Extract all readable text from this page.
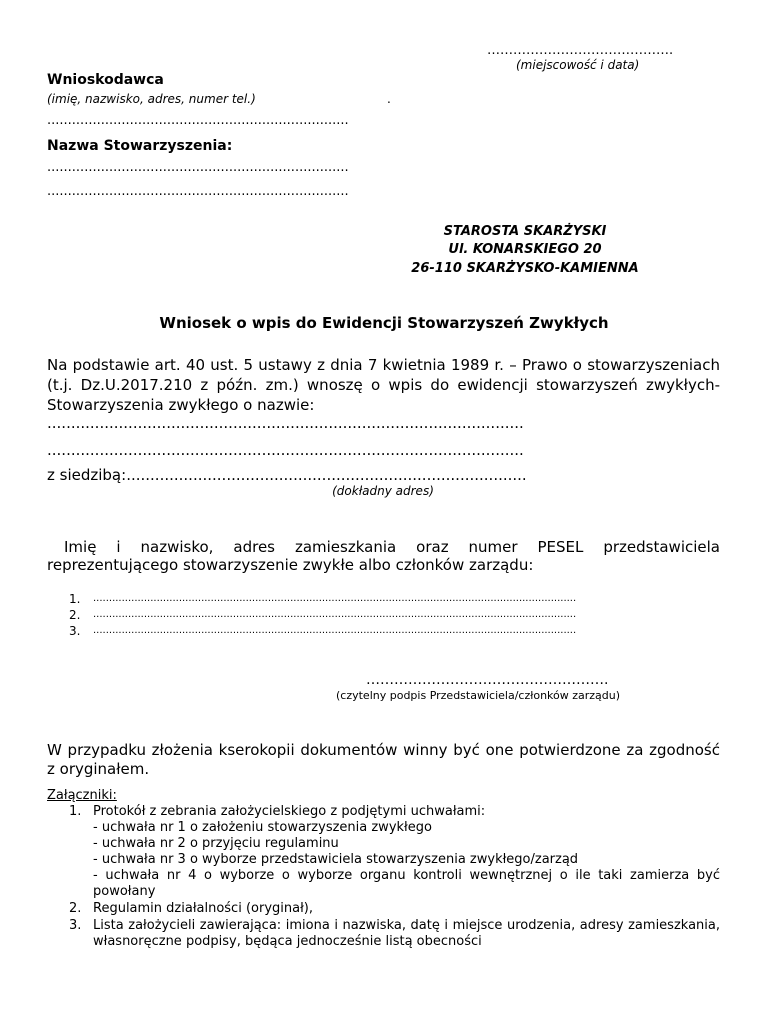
…………………………………….
(miejscowość i data)
Wnioskodawca
(imię, nazwisko, adres, numer tel.)	.
.........................................................................
Nazwa Stowarzyszenia:
.........................................................................
.........................................................................
STAROSTA SKARŻYSKI
Ul. KONARSKIEGO 20
26-110 SKARŻYSKO-KAMIENNA
Wniosek o wpis do Ewidencji Stowarzyszeń Zwykłych
Na podstawie art. 40 ust. 5 ustawy z dnia 7 kwietnia 1989 r. – Prawo o stowarzyszeniach
(t.j. Dz.U.2017.210 z późn. zm.) wnoszę o wpis do ewidencji stowarzyszeń zwykłych-
Stowarzyszenia zwykłego o nazwie:
....................................................................................................
....................................................................................................
z siedzibą:....................................................................................
(dokładny adres)
Imię i nazwisko, adres zamieszkania oraz numer PESEL przedstawiciela
reprezentującego stowarzyszenie zwykłe albo członków zarządu:
1. ........................................................................................................................................................
2. ........................................................................................................................................................
3. ........................................................................................................................................................
…………………………………………….
(czytelny podpis Przedstawiciela/członków zarządu)
W przypadku złożenia kserokopii dokumentów winny być one potwierdzone za zgodność
z oryginałem.
Załączniki:
1. Protokół z zebrania założycielskiego z podjętymi uchwałami:
- uchwała nr 1 o założeniu stowarzyszenia zwykłego
- uchwała nr 2 o przyjęciu regulaminu
- uchwała nr 3 o wyborze przedstawiciela stowarzyszenia zwykłego/zarząd
- uchwała nr 4 o wyborze o wyborze organu kontroli wewnętrznej o ile taki zamierza być
powołany
2. Regulamin działalności (oryginał),
3. Lista założycieli zawierająca: imiona i nazwiska, datę i miejsce urodzenia, adresy zamieszkania,
własnoręczne podpisy, będąca jednocześnie listą obecności
